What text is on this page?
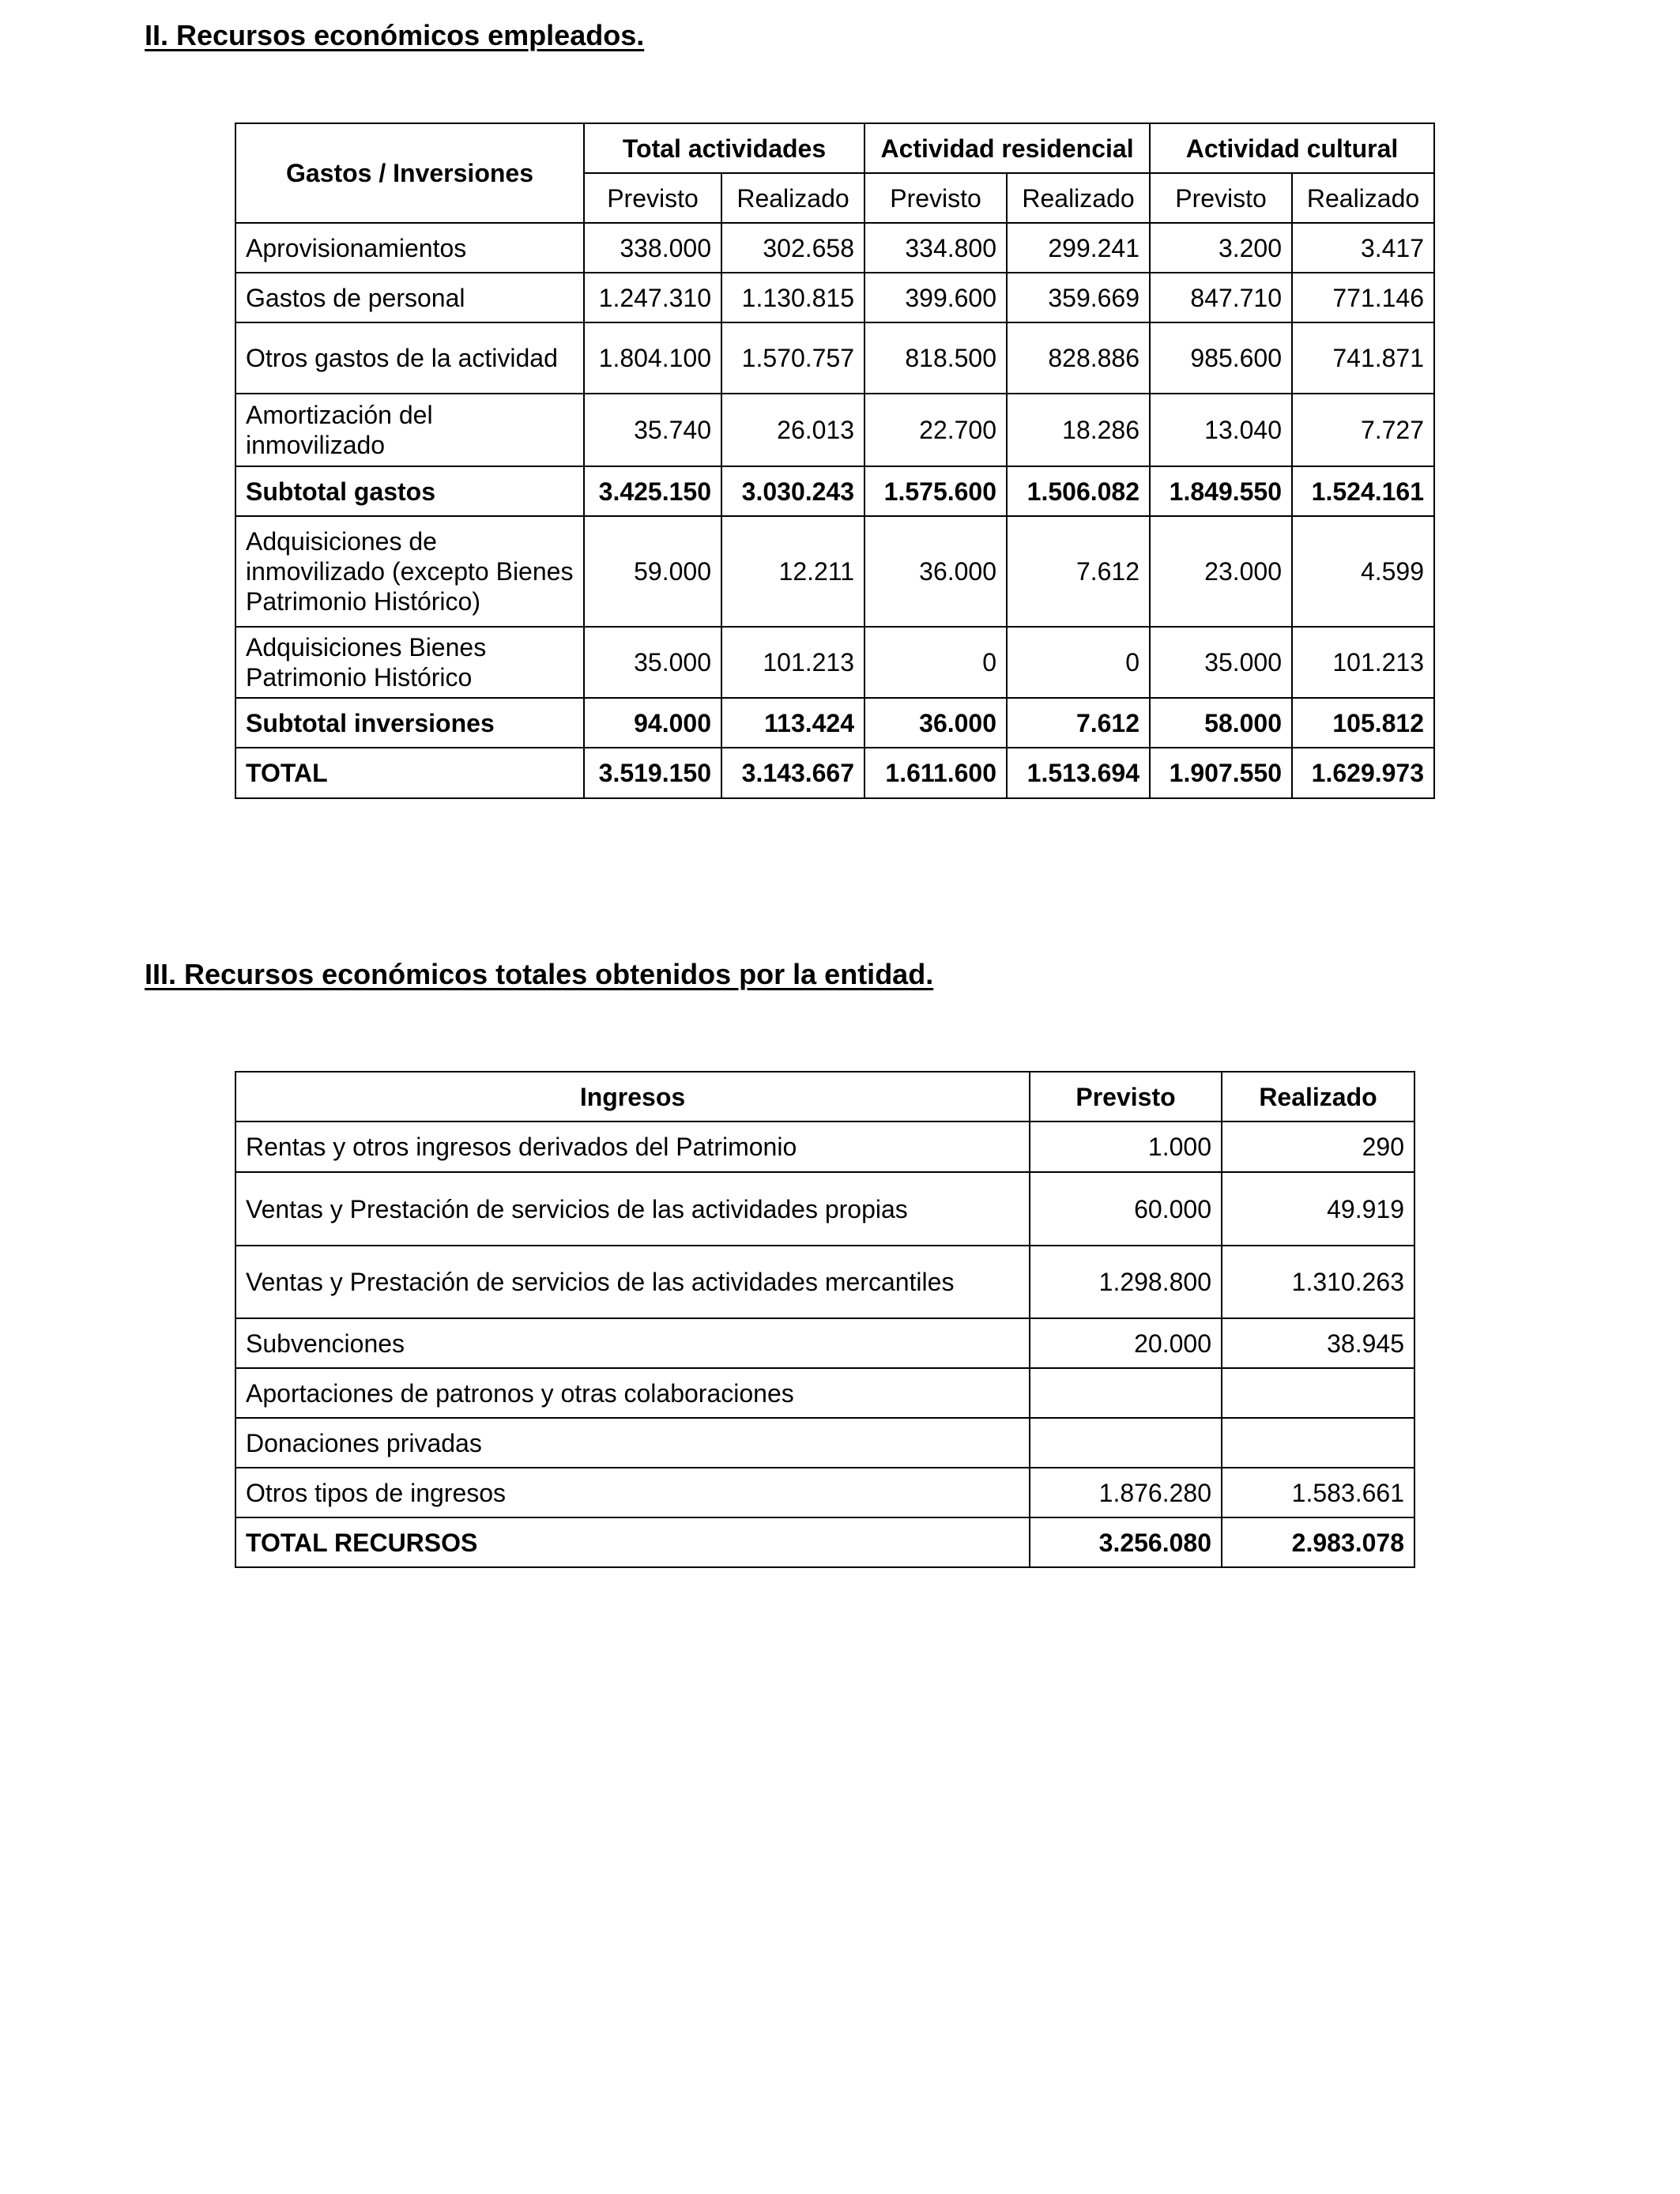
II. Recursos económicos empleados.
Gastos / Inversiones	Total actividades		Actividad residencial		Actividad cultural	
	Previsto	Realizado	Previsto	Realizado	Previsto	Realizado
Aprovisionamientos	338.000	302.658	334.800	299.241	3.200	3.417
Gastos de personal	1.247.310	1.130.815	399.600	359.669	847.710	771.146
Otros gastos de la actividad	1.804.100	1.570.757	818.500	828.886	985.600	741.871
Amortización del inmovilizado	35.740	26.013	22.700	18.286	13.040	7.727
Subtotal gastos	3.425.150	3.030.243	1.575.600	1.506.082	1.849.550	1.524.161
Adquisiciones de inmovilizado (excepto Bienes Patrimonio Histórico)	59.000	12.211	36.000	7.612	23.000	4.599
Adquisiciones Bienes Patrimonio Histórico	35.000	101.213	0	0	35.000	101.213
Subtotal inversiones	94.000	113.424	36.000	7.612	58.000	105.812
TOTAL	3.519.150	3.143.667	1.611.600	1.513.694	1.907.550	1.629.973
III. Recursos económicos totales obtenidos por la entidad.
Ingresos	Previsto	Realizado
Rentas y otros ingresos derivados del Patrimonio	1.000	290
Ventas y Prestación de servicios de las actividades propias	60.000	49.919
Ventas y Prestación de servicios de las actividades mercantiles	1.298.800	1.310.263
Subvenciones	20.000	38.945
Aportaciones de patronos y otras colaboraciones		
Donaciones privadas		
Otros tipos de ingresos	1.876.280	1.583.661
TOTAL RECURSOS	3.256.080	2.983.078
